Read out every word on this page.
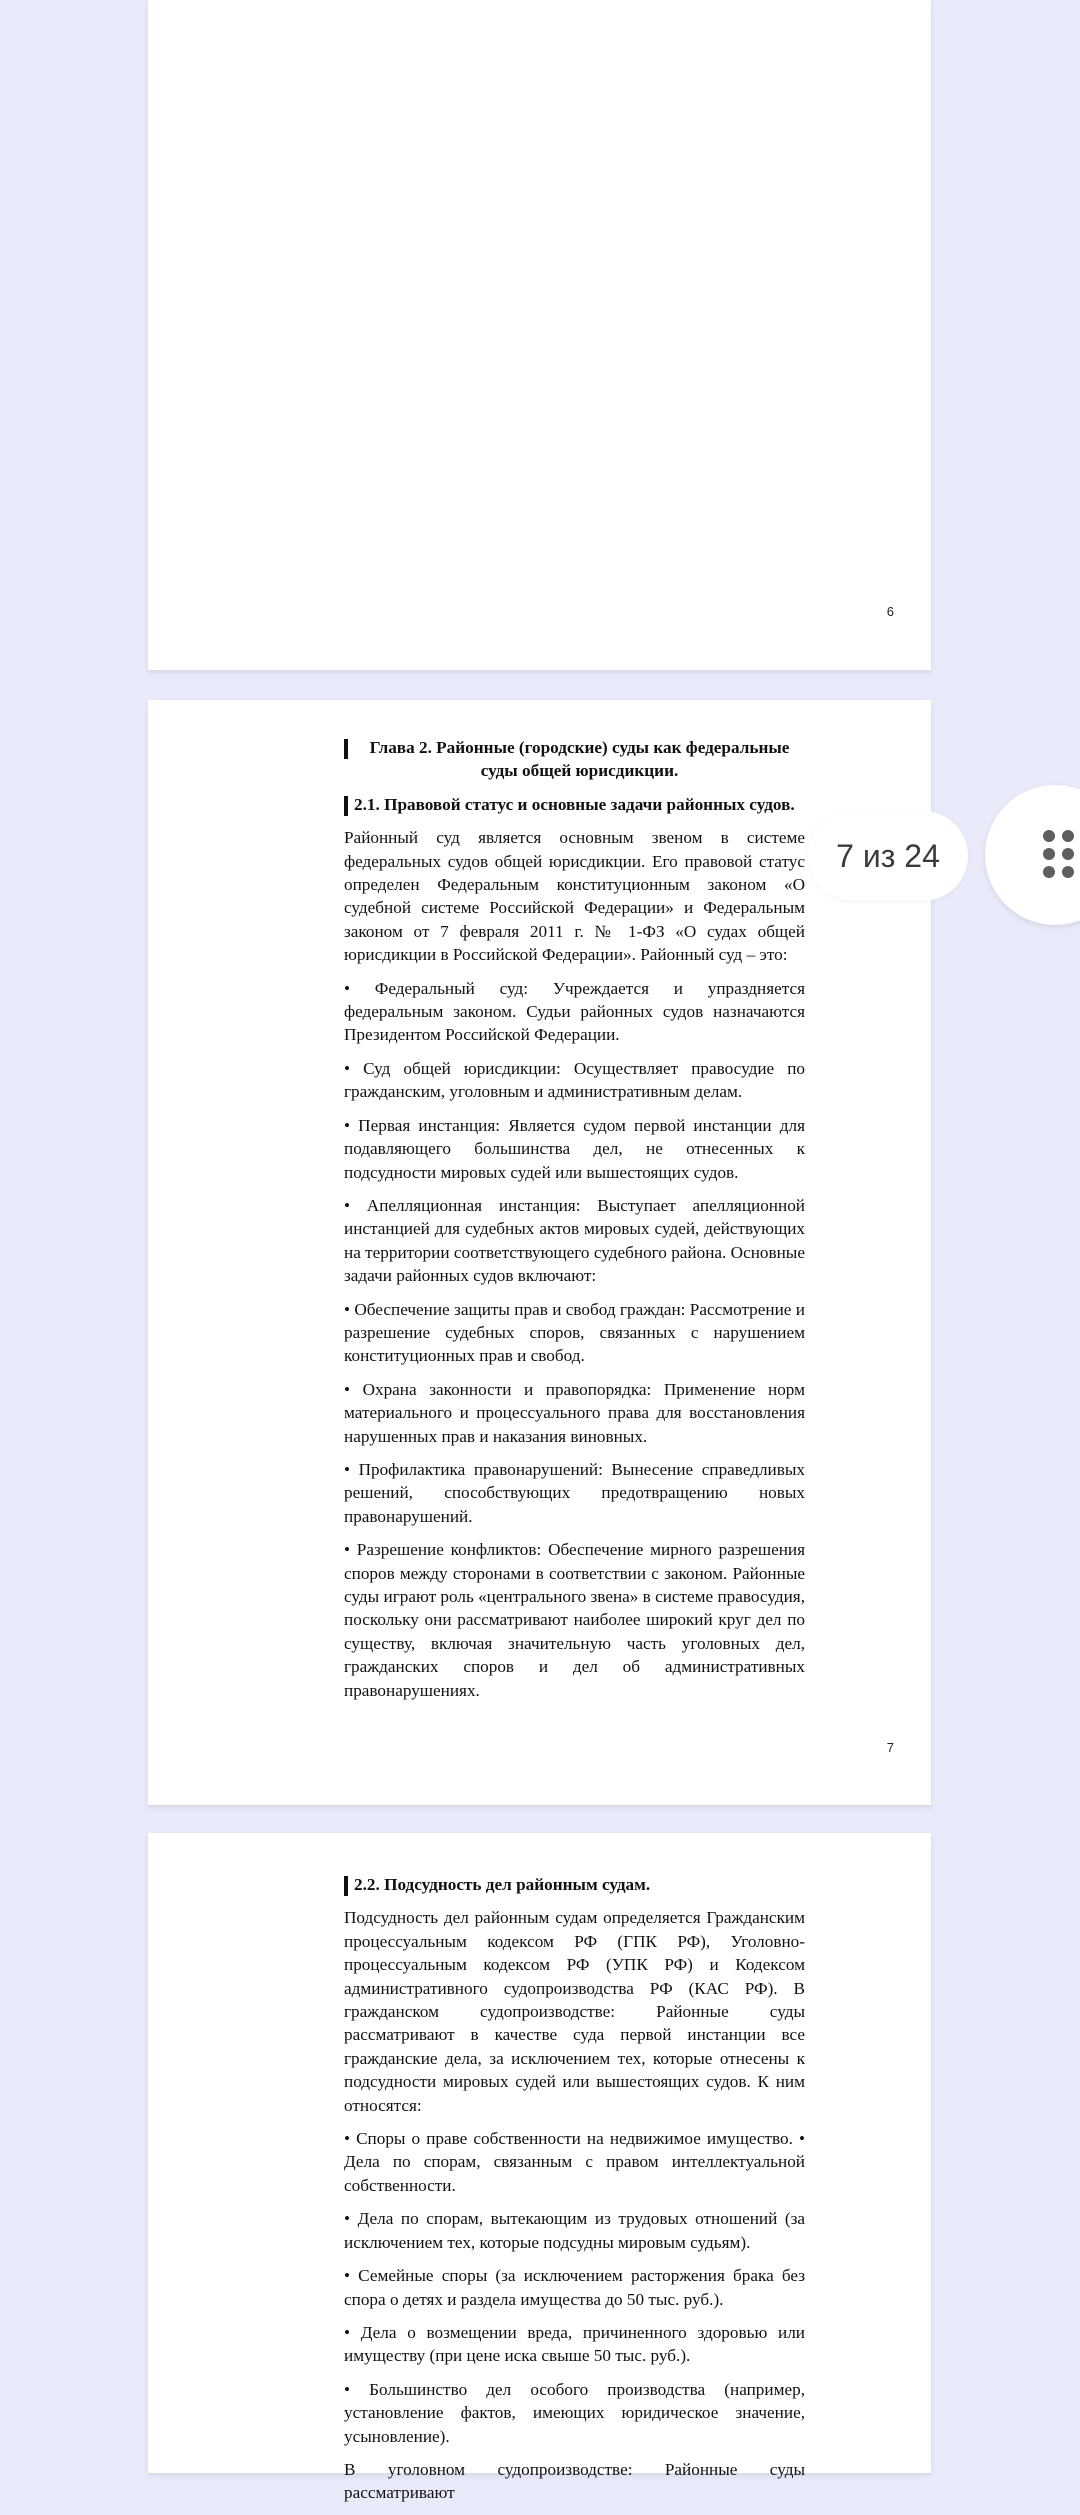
6
Глава 2. Районные (городские) суды как федеральные суды общей юрисдикции.
2.1. Правовой статус и основные задачи районных судов.

Районный суд является основным звеном в системе федеральных судов общей юрисдикции. Его правовой статус определен Федеральным конституционным законом «О судебной системе Российской Федерации» и Федеральным законом от 7 февраля 2011 г. № 1-ФЗ «О судах общей юрисдикции в Российской Федерации». Районный суд – это:

• Федеральный суд: Учреждается и упраздняется федеральным законом. Судьи районных судов назначаются Президентом Российской Федерации.

• Суд общей юрисдикции: Осуществляет правосудие по гражданским, уголовным и административным делам.

• Первая инстанция: Является судом первой инстанции для подавляющего большинства дел, не отнесенных к подсудности мировых судей или вышестоящих судов.

• Апелляционная инстанция: Выступает апелляционной инстанцией для судебных актов мировых судей, действующих на территории соответствующего судебного района. Основные задачи районных судов включают:

• Обеспечение защиты прав и свобод граждан: Рассмотрение и разрешение судебных споров, связанных с нарушением конституционных прав и свобод.

• Охрана законности и правопорядка: Применение норм материального и процессуального права для восстановления нарушенных прав и наказания виновных.

• Профилактика правонарушений: Вынесение справедливых решений, способствующих предотвращению новых правонарушений.

• Разрешение конфликтов: Обеспечение мирного разрешения споров между сторонами в соответствии с законом. Районные суды играют роль «центрального звена» в системе правосудия, поскольку они рассматривают наиболее широкий круг дел по существу, включая значительную часть уголовных дел, гражданских споров и дел об административных правонарушениях.

7
2.2. Подсудность дел районным судам.

Подсудность дел районным судам определяется Гражданским процессуальным кодексом РФ (ГПК РФ), Уголовно-процессуальным кодексом РФ (УПК РФ) и Кодексом административного судопроизводства РФ (КАС РФ). В гражданском судопроизводстве: Районные суды рассматривают в качестве суда первой инстанции все гражданские дела, за исключением тех, которые отнесены к подсудности мировых судей или вышестоящих судов. К ним относятся:

• Споры о праве собственности на недвижимое имущество. • Дела по спорам, связанным с правом интеллектуальной собственности.

• Дела по спорам, вытекающим из трудовых отношений (за исключением тех, которые подсудны мировым судьям).

• Семейные споры (за исключением расторжения брака без спора о детях и раздела имущества до 50 тыс. руб.).

• Дела о возмещении вреда, причиненного здоровью или имуществу (при цене иска свыше 50 тыс. руб.).

• Большинство дел особого производства (например, установление фактов, имеющих юридическое значение, усыновление).

В уголовном судопроизводстве: Районные суды рассматривают

7 из 24
